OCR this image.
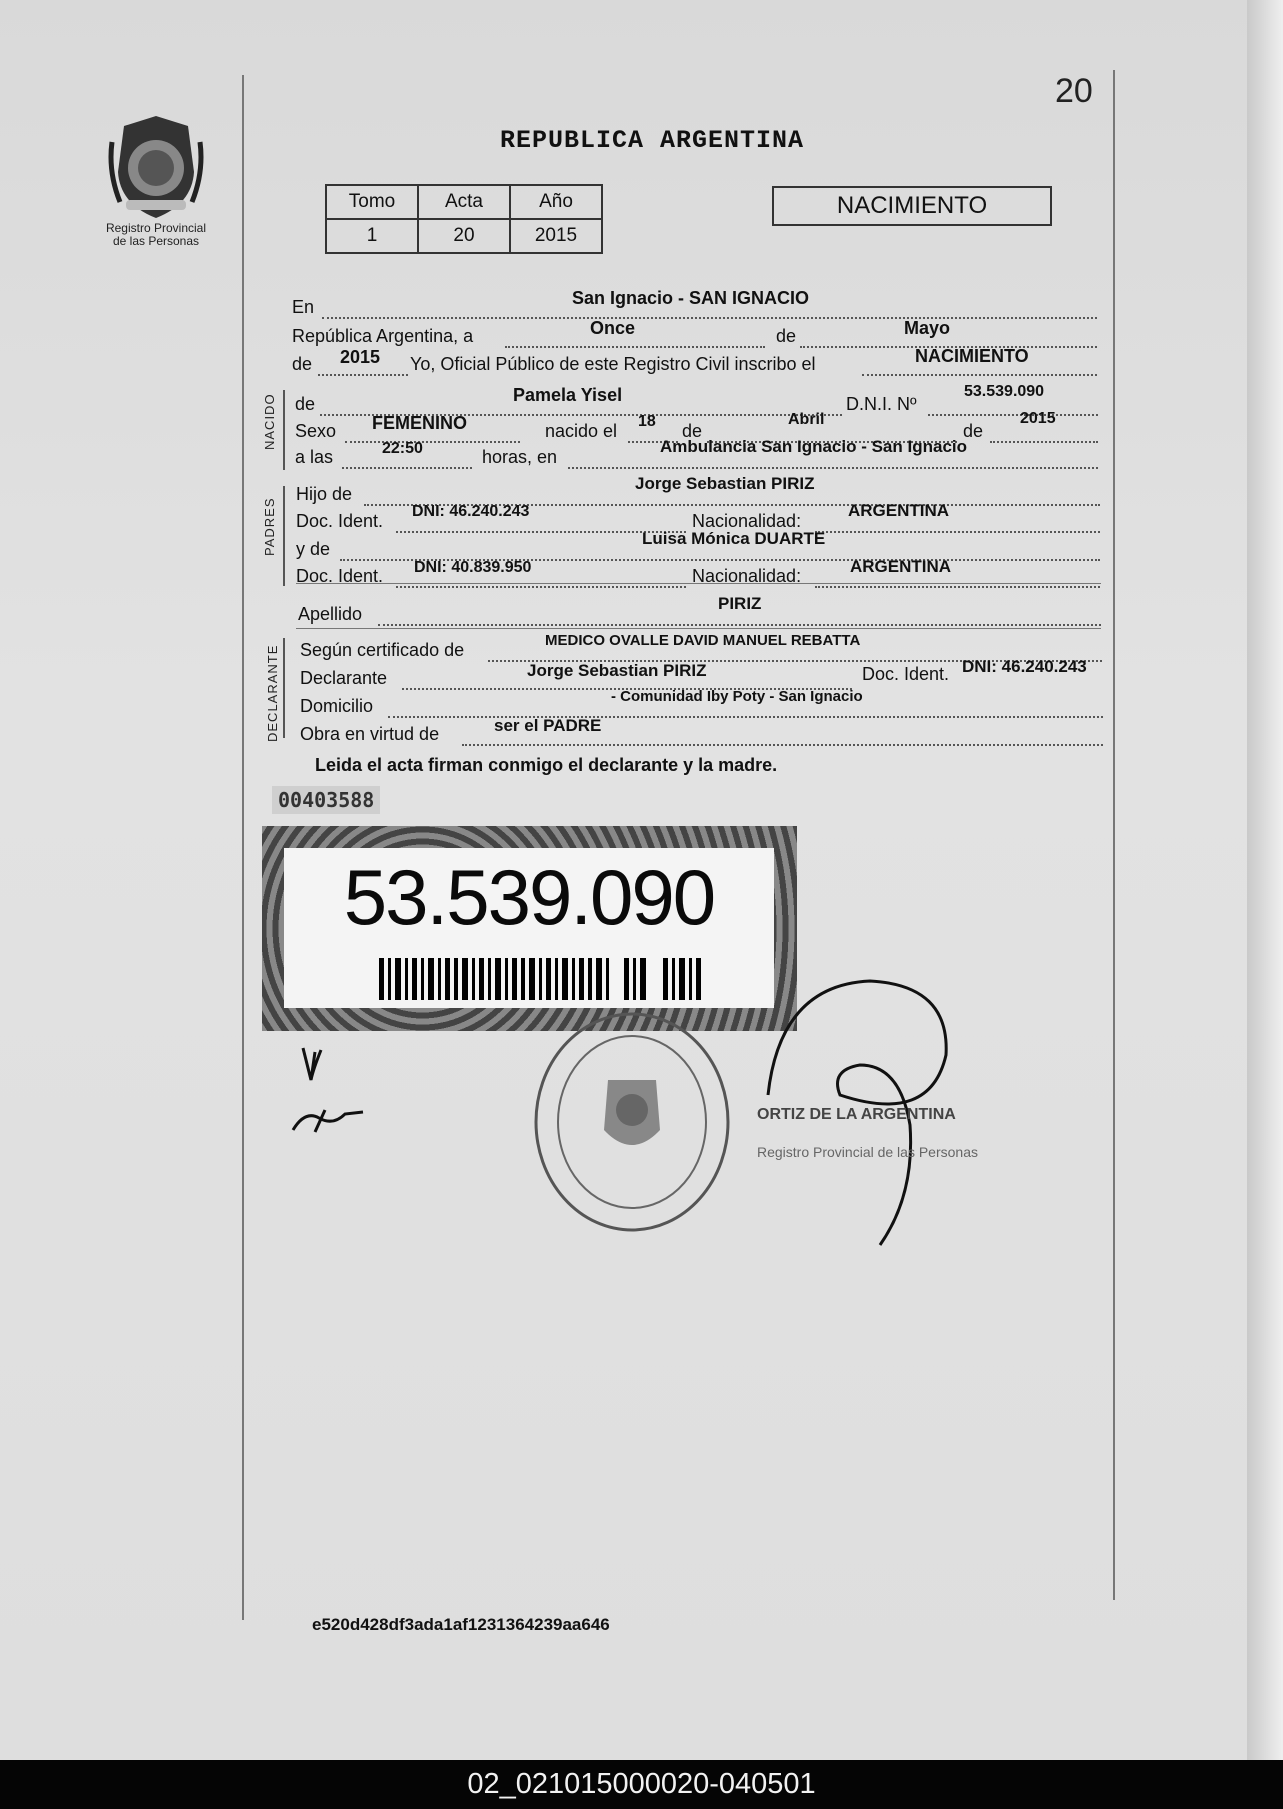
20
Registro Provincial
de las Personas
REPUBLICA ARGENTINA
Tomo	Acta	Año
1	20	2015
NACIMIENTO
En	San Ignacio - SAN IGNACIO
República Argentina, a	Once	de	Mayo
de 2015 Yo, Oficial Público de este Registro Civil inscribo el	NACIMIENTO
NACIDO de	Pamela Yisel	D.N.I. Nº
53.539.090
Sexo FEMENINO	nacido el 18 de
Abril
de
2015
a las	22:50	horas, en
Ambulancia San Ignacio - San Ignacio
PADRES
Hijo de
Jorge Sebastian PIRIZ
Doc. Ident. DNI: 46.240.243	Nacionalidad:
ARGENTINA
y de
Luisa Mónica DUARTE
Doc. Ident. DNI: 40.839.950	Nacionalidad:	ARGENTINA
Apellido
PIRIZ
DECLARANTE Según certificado de	MEDICO OVALLE DAVID MANUEL REBATTA
Declarante	Jorge Sebastian PIRIZ	Doc. Ident. DNI: 46.240.243
Domicilio	- Comunidad Iby Poty - San Ignacio
Obra en virtud de	ser el PADRE
Leida el acta firman conmigo el declarante y la madre.
00403588
53.539.090
ORTIZ DE LA ARGENTINA
Registro Provincial de las Personas
e520d428df3ada1af1231364239aa646
02_021015000020-040501
